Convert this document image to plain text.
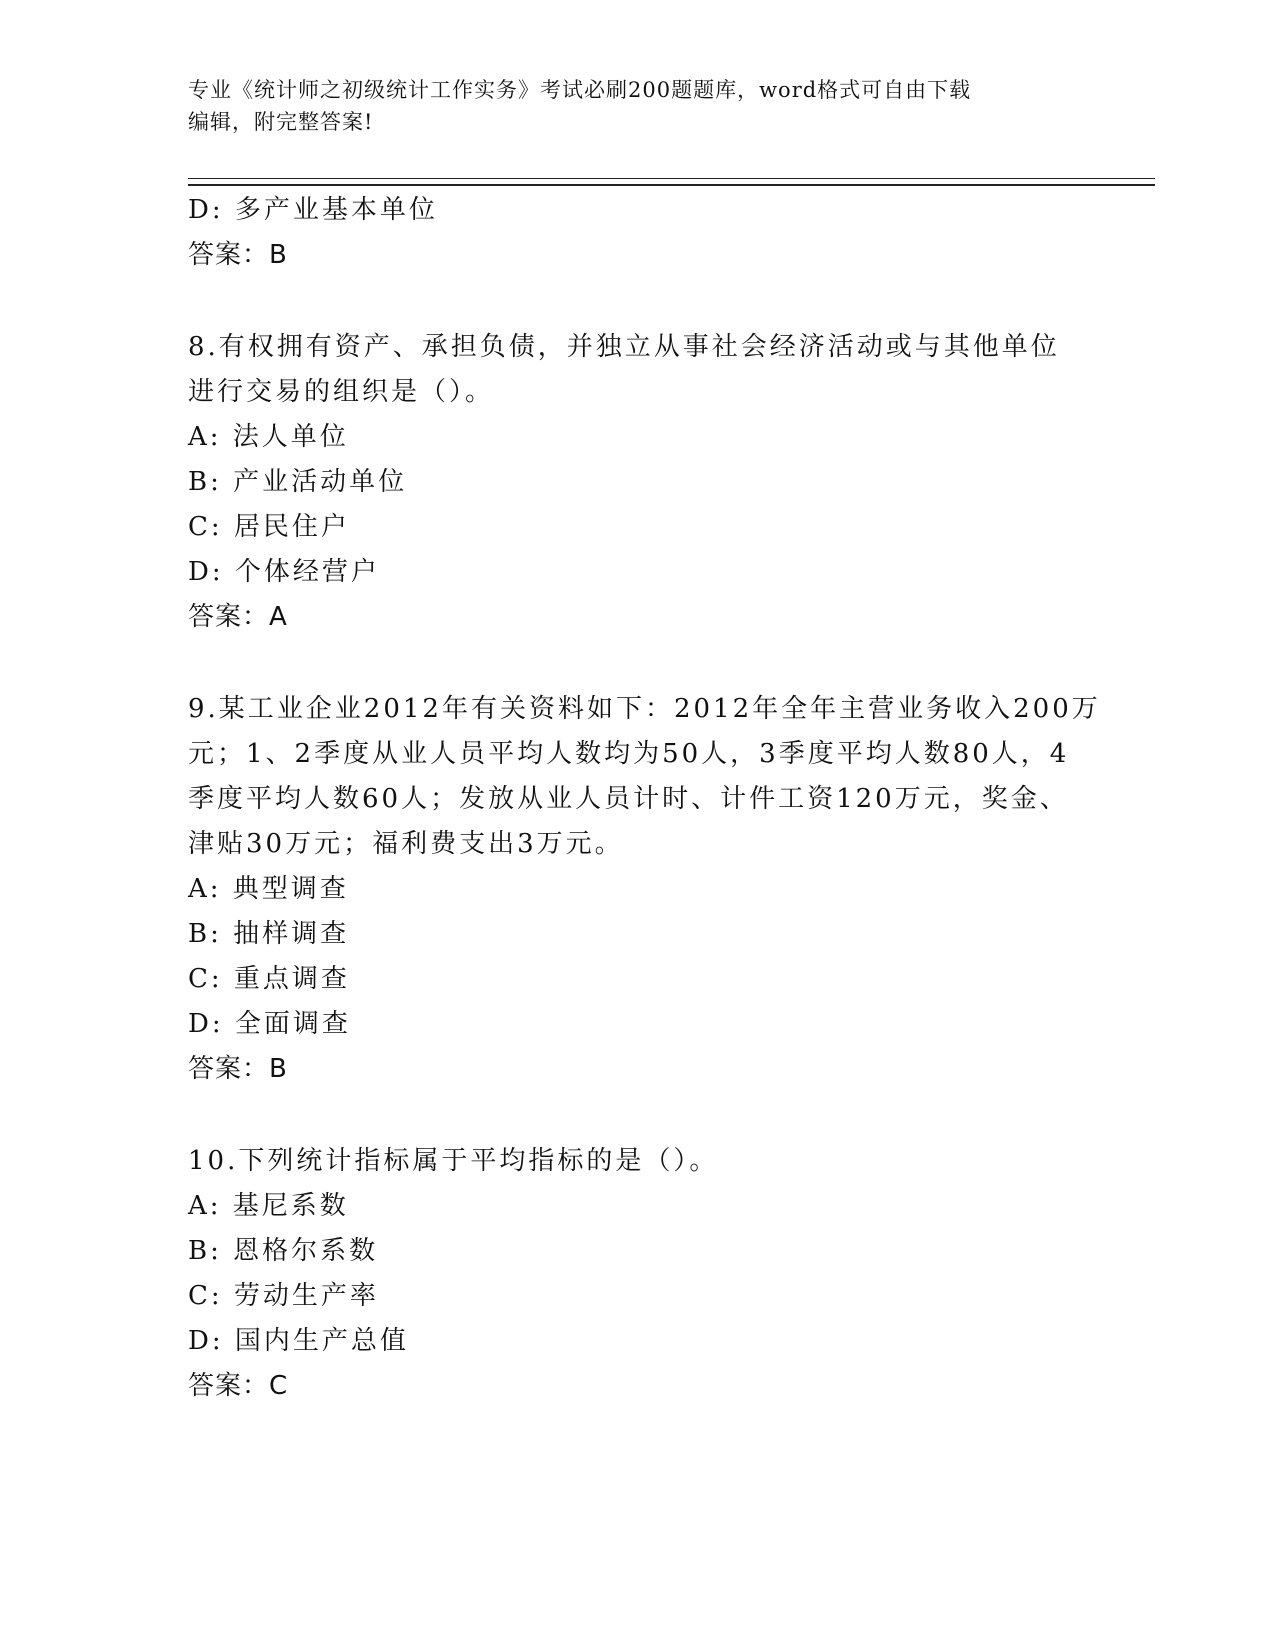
专业《统计师之初级统计工作实务》考试必刷200题题库，word格式可自由下载
编辑，附完整答案!
D: 多产业基本单位
答案：B
8.有权拥有资产、承担负债，并独立从事社会经济活动或与其他单位
进行交易的组织是（）。
A: 法人单位
B: 产业活动单位
C: 居民住户
D: 个体经营户
答案：A
9.某工业企业2012年有关资料如下：2012年全年主营业务收入200万
元；1、2季度从业人员平均人数均为50人，3季度平均人数80人，4
季度平均人数60人；发放从业人员计时、计件工资120万元，奖金、
津贴30万元；福利费支出3万元。
A: 典型调查
B: 抽样调查
C: 重点调查
D: 全面调查
答案：B
10.下列统计指标属于平均指标的是（）。
A: 基尼系数
B: 恩格尔系数
C: 劳动生产率
D: 国内生产总值
答案：C
